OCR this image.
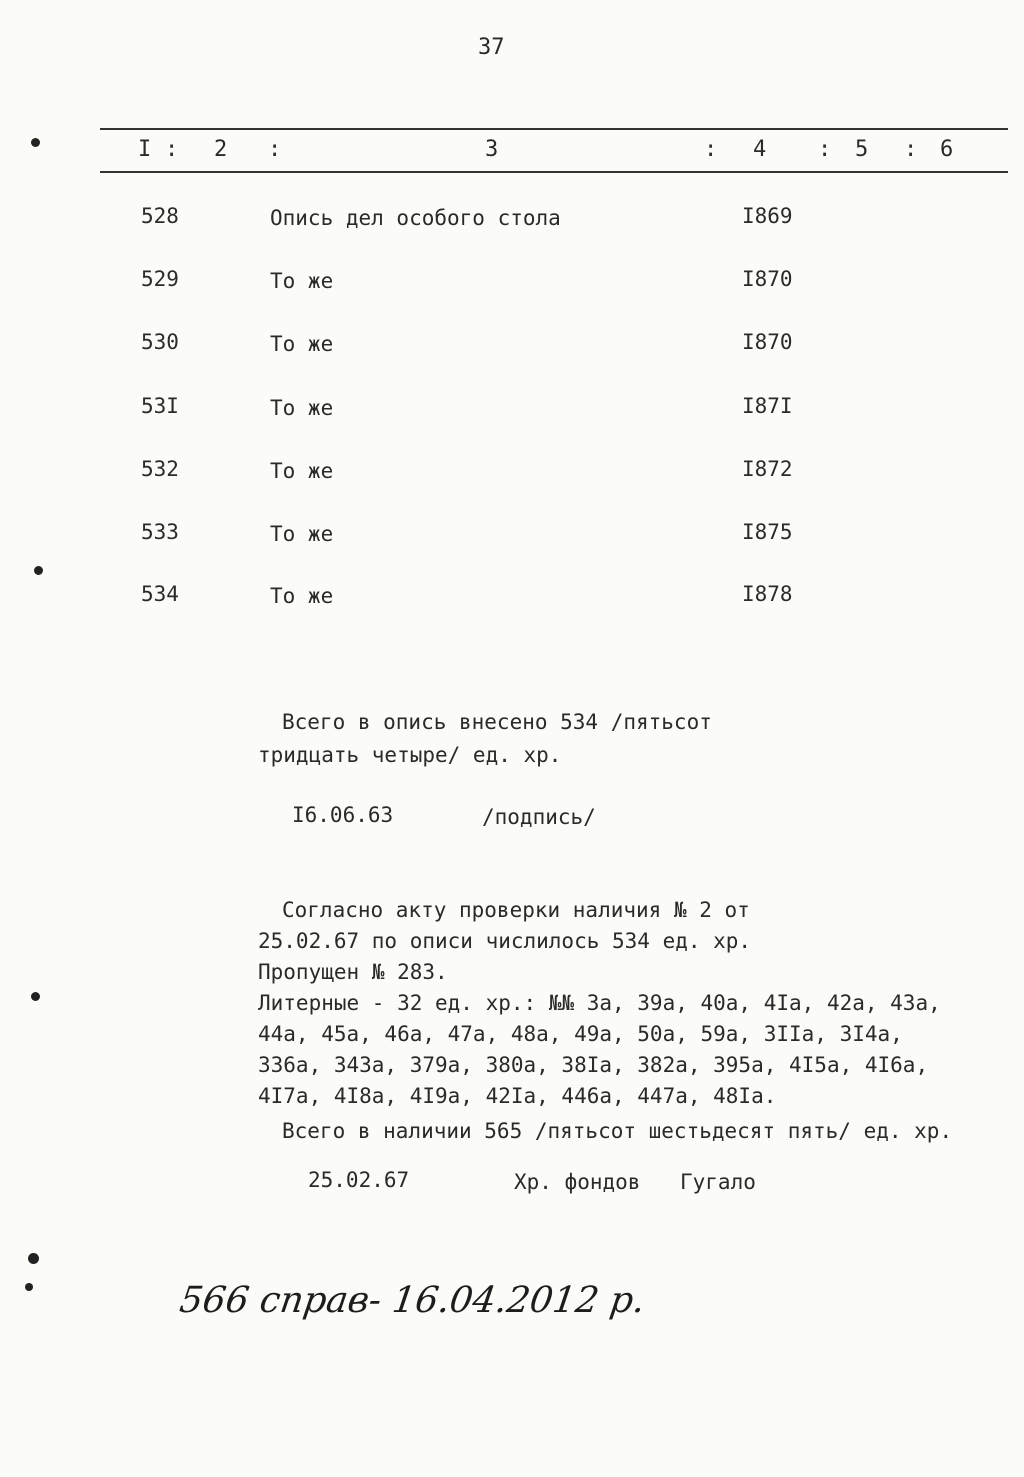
37
I : 2 :	3	: 4 : 5 : 6
528	Опись дел особого стола	I869
529	То же	I870
530	То же	I870
53I	То же	I87I
532	То же	I872
533	То же	I875
534	То же	I878
Всего в опись внесено 534 /пятьсот
тридцать четыре/ ед. хр.
I6.06.63	/подпись/
Согласно акту проверки наличия № 2 от
25.02.67 по описи числилось 534 ед. хр.
Пропущен № 283.
Литерные - 32 ед. хр.: №№ 3а, 39а, 40а, 4Iа, 42а, 43а,
44а, 45а, 46а, 47а, 48а, 49а, 50а, 59а, 3IIа, 3I4а,
336а, 343а, 379а, 380а, 38Iа, 382а, 395а, 4I5а, 4I6а,
4I7а, 4I8а, 4I9а, 42Iа, 446а, 447а, 48Iа.
Всего в наличии 565 /пятьсот шестьдесят пять/ ед. хр.
25.02.67	Хр. фондов Гугало
566 справ- 16.04.2012 р.
